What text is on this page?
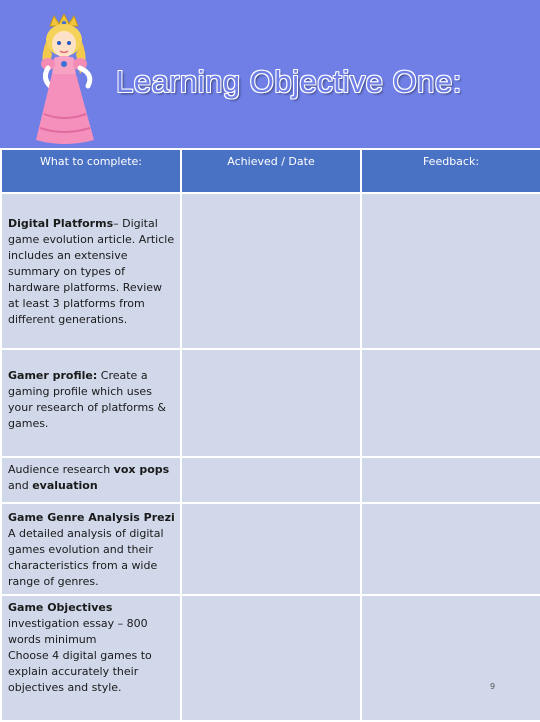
Learning Objective One:
What to complete:	Achieved / Date	Feedback:
Digital Platforms– Digital game evolution article. Article includes an extensive summary on types of hardware platforms. Review at least 3 platforms from different generations.		
Gamer profile: Create a gaming profile which uses your research of platforms & games.		
Audience research vox pops and evaluation		

Game Genre Analysis Prezi
A detailed analysis of digital games evolution and their characteristics from a wide range of genres.		

Game Objectives
investigation essay – 800 words minimum
Choose 4 digital games to explain accurately their objectives and style.		
			9
